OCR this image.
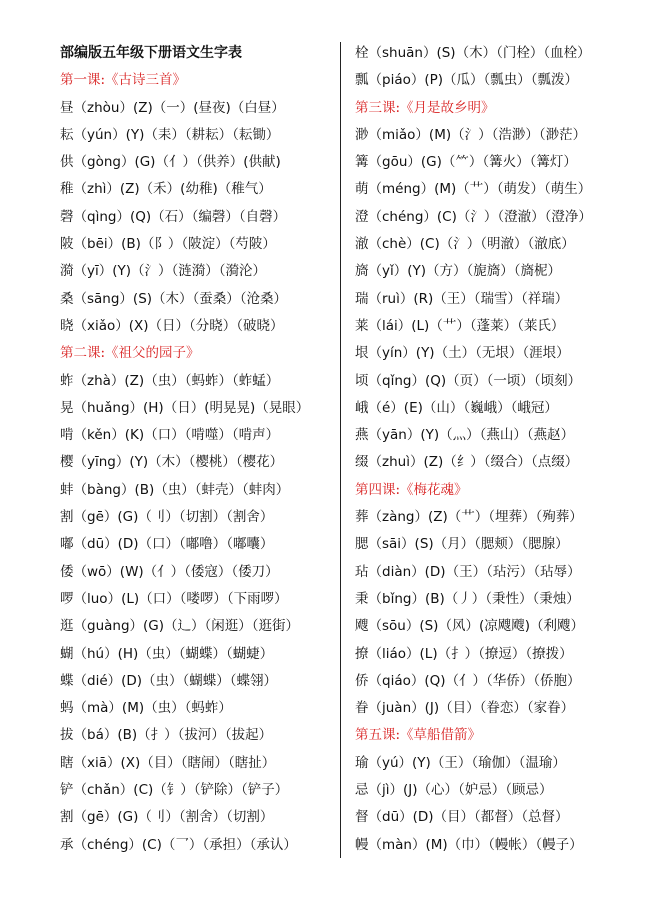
部编版五年级下册语文生字表
第一课:《古诗三首》
昼（zhòu）(Z)（一）(昼夜)（白昼）
耘（yún）(Y)（耒）（耕耘）（耘锄）
供（gòng）(G)（亻）（供养）(供献)
稚（zhì）(Z)（禾）(幼稚)（稚气）
磬（qìng）(Q)（石）（编磬）（自磬）
陂（bēi）(B)（阝）（陂淀）（芍陂）
漪（yī）(Y)（氵）（涟漪）（漪沦）
桑（sāng）(S)（木）（蚕桑）（沧桑）
晓（xiǎo）(X)（日）（分晓）（破晓）
第二课:《祖父的园子》
蚱（zhà）(Z)（虫）（蚂蚱）（蚱蜢）
晃（huǎng）(H)（日）(明晃晃)（晃眼）
啃（kěn）(K)（口）（啃噬）（啃声）
樱（yīng）(Y)（木）（樱桃）（樱花）
蚌（bàng）(B)（虫）（蚌壳）（蚌肉）
割（gē）(G)（刂）（切割）（割舍）
嘟（dū）(D)（口）（嘟噜）（嘟囔）
倭（wō）(W)（亻）（倭寇）（倭刀）
啰（luo）(L)（口）（喽啰）（下雨啰）
逛（guàng）(G)（辶）（闲逛）（逛街）
蝴（hú）(H)（虫）（蝴蝶）（蝴蜨）
蝶（dié）(D)（虫）（蝴蝶）（蝶翎）
蚂（mà）(M)（虫）（蚂蚱）
拔（bá）(B)（扌）（拔河）（拔起）
瞎（xiā）(X)（目）（瞎闹）（瞎扯）
铲（chǎn）(C)（钅）（铲除）（铲子）
割（gē）(G)（刂）（割舍）（切割）
承（chéng）(C)（乛）（承担）（承认）
栓（shuān）(S)（木）（门栓）（血栓）
瓢（piáo）(P)（瓜）（瓢虫）（瓢泼）
第三课:《月是故乡明》
渺（miǎo）(M)（氵）（浩渺）（渺茫）
篝（gōu）(G)（⺮）（篝火）（篝灯）
萌（méng）(M)（艹）（萌发）（萌生）
澄（chéng）(C)（氵）（澄澈）（澄净）
澈（chè）(C)（氵）（明澈）（澈底）
旖（yǐ）(Y)（方）（旎旖）（旖柅）
瑞（ruì）(R)（王）（瑞雪）（祥瑞）
莱（lái）(L)（艹）（蓬莱）（莱氏）
垠（yín）(Y)（土）（无垠）（涯垠）
顷（qǐng）(Q)（页）（一顷）（顷刻）
峨（é）(E)（山）（巍峨）（峨冠）
燕（yān）(Y)（灬）（燕山）（燕赵）
缀（zhuì）(Z)（纟）（缀合）（点缀）
第四课:《梅花魂》
葬（zàng）(Z)（艹）（埋葬）（殉葬）
腮（sāi）(S)（月）（腮颊）（腮腺）
玷（diàn）(D)（王）（玷污）（玷辱）
秉（bǐng）(B)（丿）（秉性）（秉烛）
飕（sōu）(S)（风）(凉飕飕)（利飕）
撩（liáo）(L)（扌）（撩逗）（撩拨）
侨（qiáo）(Q)（亻）（华侨）（侨胞）
眷（juàn）(J)（目）（眷恋）（家眷）
第五课:《草船借箭》
瑜（yú）(Y)（王）（瑜伽）（温瑜）
忌（jì）(J)（心）（妒忌）（顾忌）
督（dū）(D)（目）（都督）（总督）
幔（màn）(M)（巾）（幔帐）（幔子）
